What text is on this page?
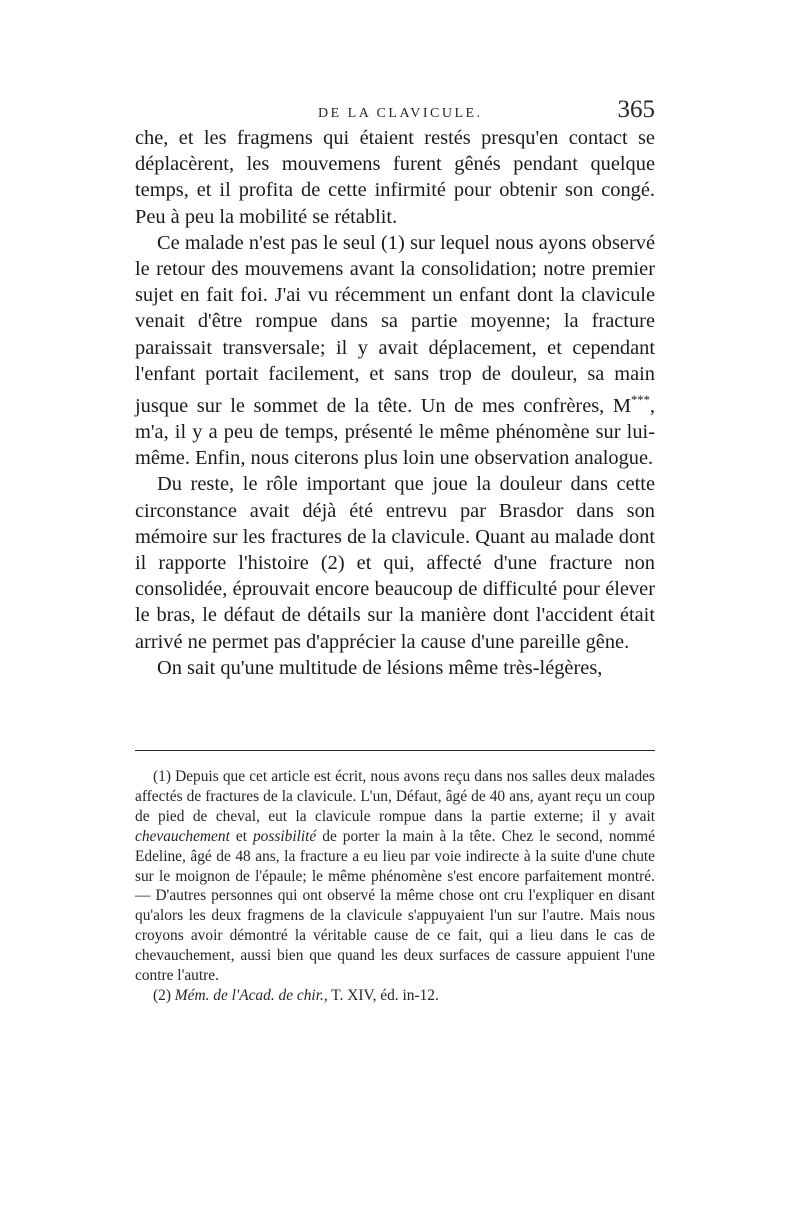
DE LA CLAVICULE.	365

che, et les fragmens qui étaient restés presqu'en contact se déplacèrent, les mouvemens furent gênés pendant quelque temps, et il profita de cette infirmité pour obtenir son congé. Peu à peu la mobilité se rétablit.

Ce malade n'est pas le seul (1) sur lequel nous ayons observé le retour des mouvemens avant la consolidation; notre premier sujet en fait foi. J'ai vu récemment un enfant dont la clavicule venait d'être rompue dans sa partie moyenne; la fracture paraissait transversale; il y avait déplacement, et cependant l'enfant portait facilement, et sans trop de douleur, sa main jusque sur le sommet de la tête. Un de mes confrères, M***, m'a, il y a peu de temps, présenté le même phénomène sur lui-même. Enfin, nous citerons plus loin une observation analogue.

Du reste, le rôle important que joue la douleur dans cette circonstance avait déjà été entrevu par Brasdor dans son mémoire sur les fractures de la clavicule. Quant au malade dont il rapporte l'histoire (2) et qui, affecté d'une fracture non consolidée, éprouvait encore beaucoup de difficulté pour élever le bras, le défaut de détails sur la manière dont l'accident était arrivé ne permet pas d'apprécier la cause d'une pareille gêne.

On sait qu'une multitude de lésions même très-légères,

(1) Depuis que cet article est écrit, nous avons reçu dans nos salles deux malades affectés de fractures de la clavicule. L'un, Défaut, âgé de 40 ans, ayant reçu un coup de pied de cheval, eut la clavicule rompue dans la partie externe; il y avait chevauchement et possibilité de porter la main à la tête. Chez le second, nommé Edeline, âgé de 48 ans, la fracture a eu lieu par voie indirecte à la suite d'une chute sur le moignon de l'épaule; le même phénomène s'est encore parfaitement montré. — D'autres personnes qui ont observé la même chose ont cru l'expliquer en disant qu'alors les deux fragmens de la clavicule s'appuyaient l'un sur l'autre. Mais nous croyons avoir démontré la véritable cause de ce fait, qui a lieu dans le cas de chevauchement, aussi bien que quand les deux surfaces de cassure appuient l'une contre l'autre.

(2) Mém. de l'Acad. de chir., T. XIV, éd. in-12.
